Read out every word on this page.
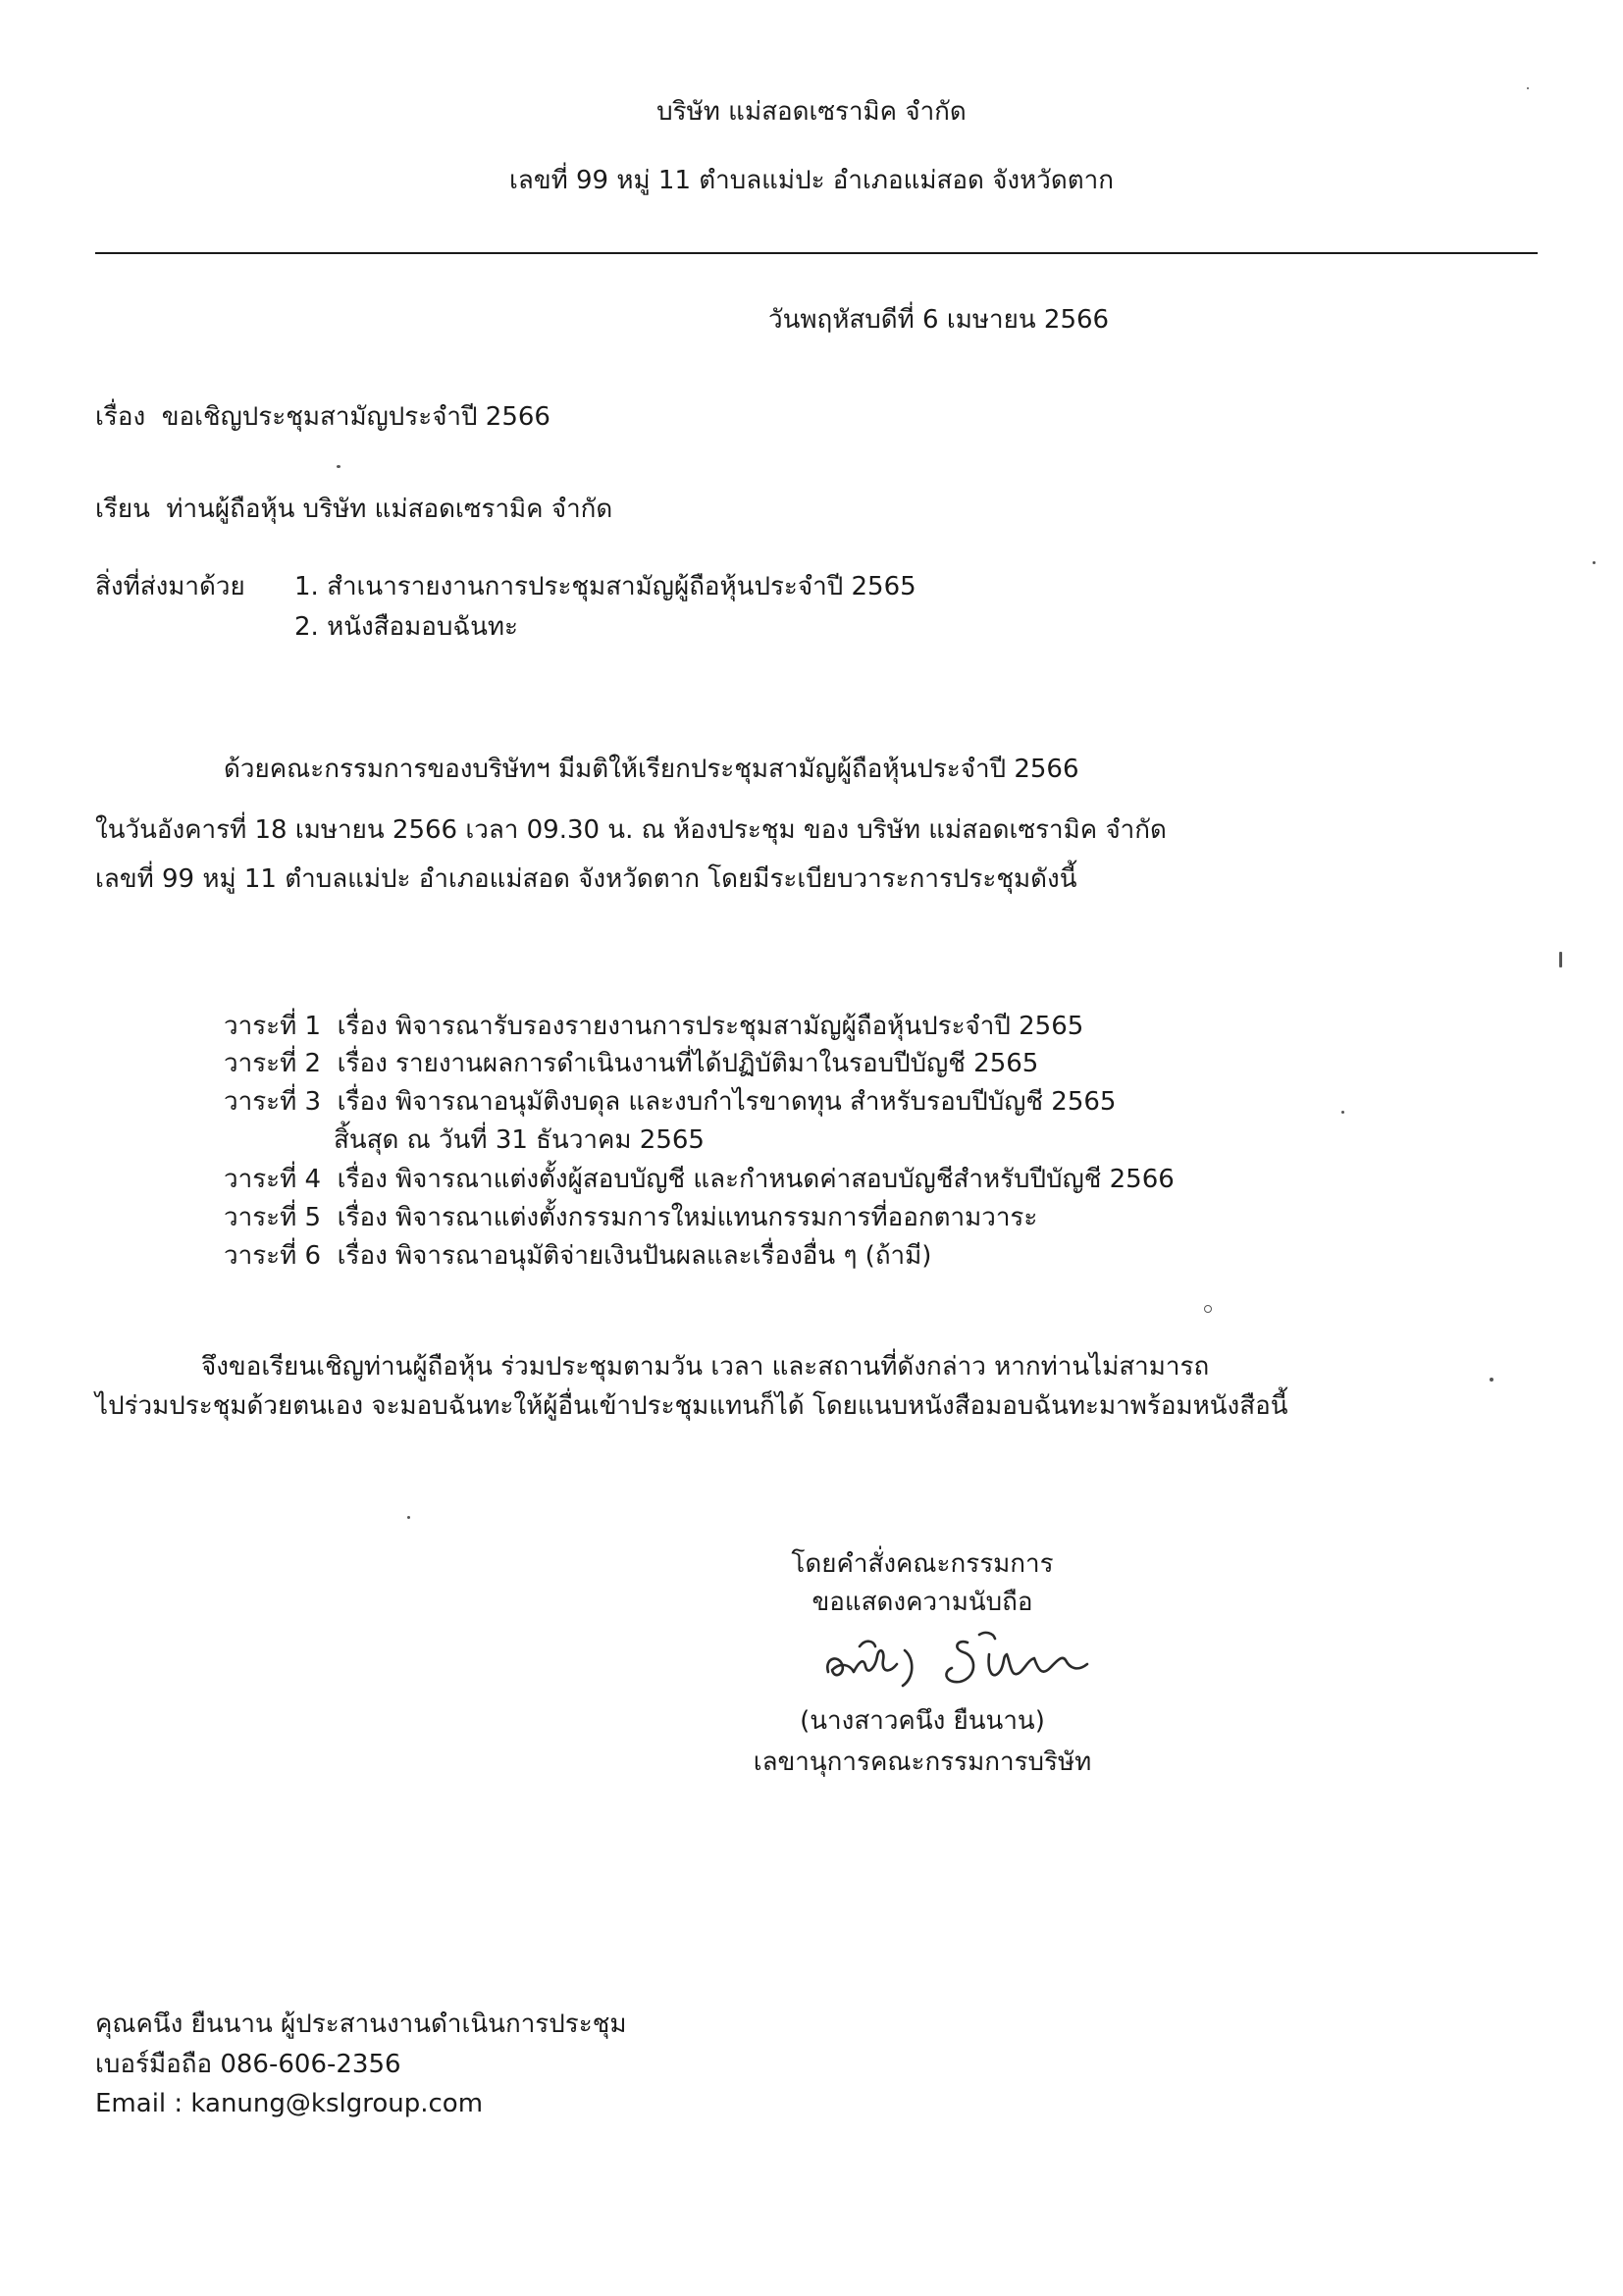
บริษัท แม่สอดเซรามิค จำกัด
เลขที่ 99 หมู่ 11 ตำบลแม่ปะ อำเภอแม่สอด จังหวัดตาก
วันพฤหัสบดีที่ 6 เมษายน 2566
เรื่อง ขอเชิญประชุมสามัญประจำปี 2566
เรียน ท่านผู้ถือหุ้น บริษัท แม่สอดเซรามิค จำกัด
สิ่งที่ส่งมาด้วย 1. สำเนารายงานการประชุมสามัญผู้ถือหุ้นประจำปี 2565
2. หนังสือมอบฉันทะ
ด้วยคณะกรรมการของบริษัทฯ มีมติให้เรียกประชุมสามัญผู้ถือหุ้นประจำปี 2566
ในวันอังคารที่ 18 เมษายน 2566 เวลา 09.30 น. ณ ห้องประชุม ของ บริษัท แม่สอดเซรามิค จำกัด
เลขที่ 99 หมู่ 11 ตำบลแม่ปะ อำเภอแม่สอด จังหวัดตาก โดยมีระเบียบวาระการประชุมดังนี้
วาระที่ 1 เรื่อง พิจารณารับรองรายงานการประชุมสามัญผู้ถือหุ้นประจำปี 2565
วาระที่ 2 เรื่อง รายงานผลการดำเนินงานที่ได้ปฏิบัติมาในรอบปีบัญชี 2565
วาระที่ 3 เรื่อง พิจารณาอนุมัติงบดุล และงบกำไรขาดทุน สำหรับรอบปีบัญชี 2565
สิ้นสุด ณ วันที่ 31 ธันวาคม 2565
วาระที่ 4 เรื่อง พิจารณาแต่งตั้งผู้สอบบัญชี และกำหนดค่าสอบบัญชีสำหรับปีบัญชี 2566
วาระที่ 5 เรื่อง พิจารณาแต่งตั้งกรรมการใหม่แทนกรรมการที่ออกตามวาระ
วาระที่ 6 เรื่อง พิจารณาอนุมัติจ่ายเงินปันผลและเรื่องอื่น ๆ (ถ้ามี)
จึงขอเรียนเชิญท่านผู้ถือหุ้น ร่วมประชุมตามวัน เวลา และสถานที่ดังกล่าว หากท่านไม่สามารถ
ไปร่วมประชุมด้วยตนเอง จะมอบฉันทะให้ผู้อื่นเข้าประชุมแทนก็ได้ โดยแนบหนังสือมอบฉันทะมาพร้อมหนังสือนี้
โดยคำสั่งคณะกรรมการ
ขอแสดงความนับถือ
(นางสาวคนึง ยืนนาน)
เลขานุการคณะกรรมการบริษัท
คุณคนึง ยืนนาน ผู้ประสานงานดำเนินการประชุม
เบอร์มือถือ 086-606-2356
Email : kanung@kslgroup.com
